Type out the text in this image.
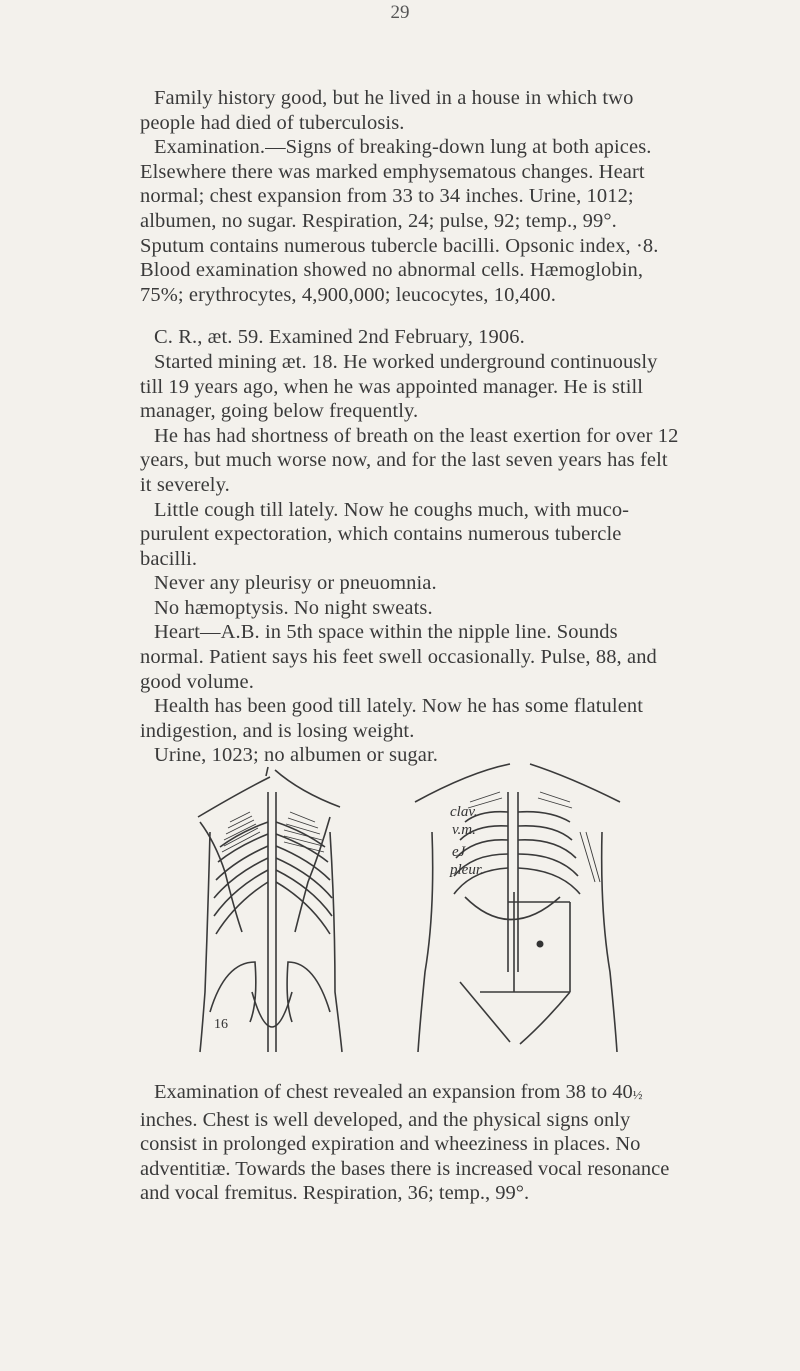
29

Family history good, but he lived in a house in which two people had died of tuberculosis.

Examination.—Signs of breaking-down lung at both apices. Elsewhere there was marked emphysematous changes. Heart normal; chest expansion from 33 to 34 inches. Urine, 1012; albumen, no sugar. Respiration, 24; pulse, 92; temp., 99°. Sputum contains numerous tubercle bacilli. Opsonic index, ·8. Blood examination showed no abnormal cells. Hæmoglobin, 75%; erythrocytes, 4,900,000; leucocytes, 10,400.

C. R., æt. 59. Examined 2nd February, 1906.

Started mining æt. 18. He worked underground continuously till 19 years ago, when he was appointed manager. He is still manager, going below frequently.

He has had shortness of breath on the least exertion for over 12 years, but much worse now, and for the last seven years has felt it severely.

Little cough till lately. Now he coughs much, with muco-purulent expectoration, which contains numerous tubercle bacilli.

Never any pleurisy or pneuomnia.

No hæmoptysis. No night sweats.

Heart—A.B. in 5th space within the nipple line. Sounds normal. Patient says his feet swell occasionally. Pulse, 88, and good volume.

Health has been good till lately. Now he has some flatulent indigestion, and is losing weight.

Urine, 1023; no albumen or sugar.

16
clav.
v.m.
eJ
pleur.

Examination of chest revealed an expansion from 38 to 40½ inches. Chest is well developed, and the physical signs only consist in prolonged expiration and wheeziness in places. No adventitiæ. Towards the bases there is increased vocal resonance and vocal fremitus. Respiration, 36; temp., 99°.
